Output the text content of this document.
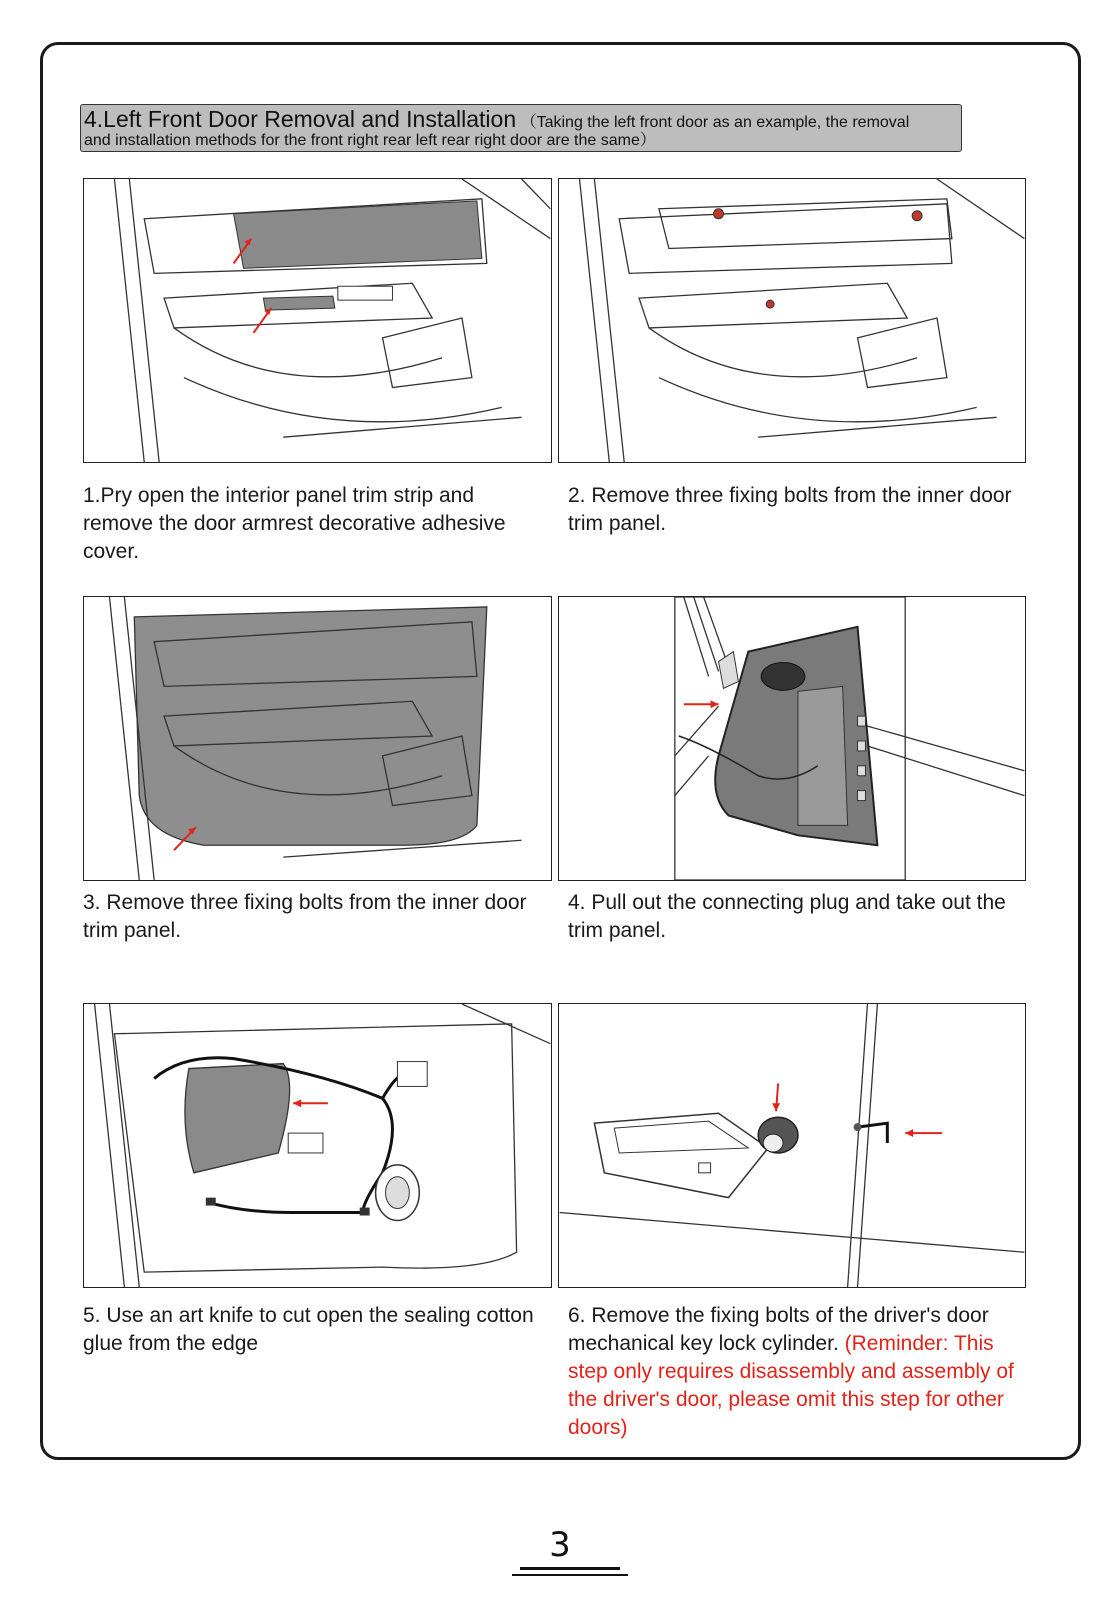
4.Left Front Door Removal and Installation （Taking the left front door as an example, the removal
and installation methods for the front right rear left rear right door are the same）
1.Pry open the interior panel trim strip and remove the door armrest decorative adhesive cover.
2. Remove three fixing bolts from the inner door trim panel.
3. Remove three fixing bolts from the inner door trim panel.
4. Pull out the connecting plug and take out the trim panel.
5. Use an art knife to cut open the sealing cotton glue from the edge
6. Remove the fixing bolts of the driver's door mechanical key lock cylinder. (Reminder: This step only requires disassembly and assembly of the driver's door, please omit this step for other doors)
3
